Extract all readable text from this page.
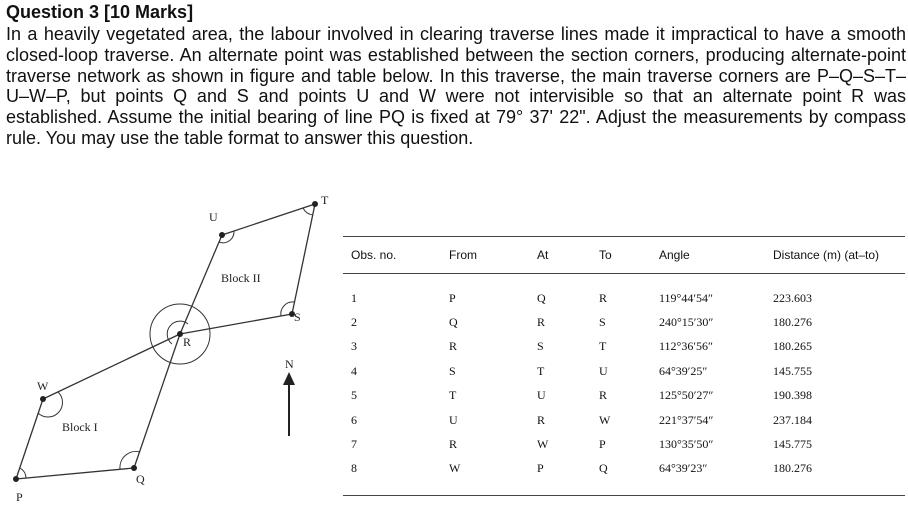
Question 3 [10 Marks]

In a heavily vegetated area, the labour involved in clearing traverse lines made it impractical to have a smooth closed-loop traverse. An alternate point was established between the section corners, producing alternate-point traverse network as shown in figure and table below. In this traverse, the main traverse corners are P–Q–S–T–U–W–P, but points Q and S and points U and W were not intervisible so that an alternate point R was established. Assume the initial bearing of line PQ is fixed at 79° 37' 22". Adjust the measurements by compass rule. You may use the table format to answer this question.

P
Q
W
R
U
T
S
Block I
Block II
N
Obs. no.	From	At	To	Angle	Distance (m) (at–to)
1	P	Q	R	119°44′54″	223.603
2	Q	R	S	240°15′30″	180.276
3	R	S	T	112°36′56″	180.265
4	S	T	U	64°39′25″	145.755
5	T	U	R	125°50′27″	190.398
6	U	R	W	221°37′54″	237.184
7	R	W	P	130°35′50″	145.775
8	W	P	Q	64°39′23″	180.276
